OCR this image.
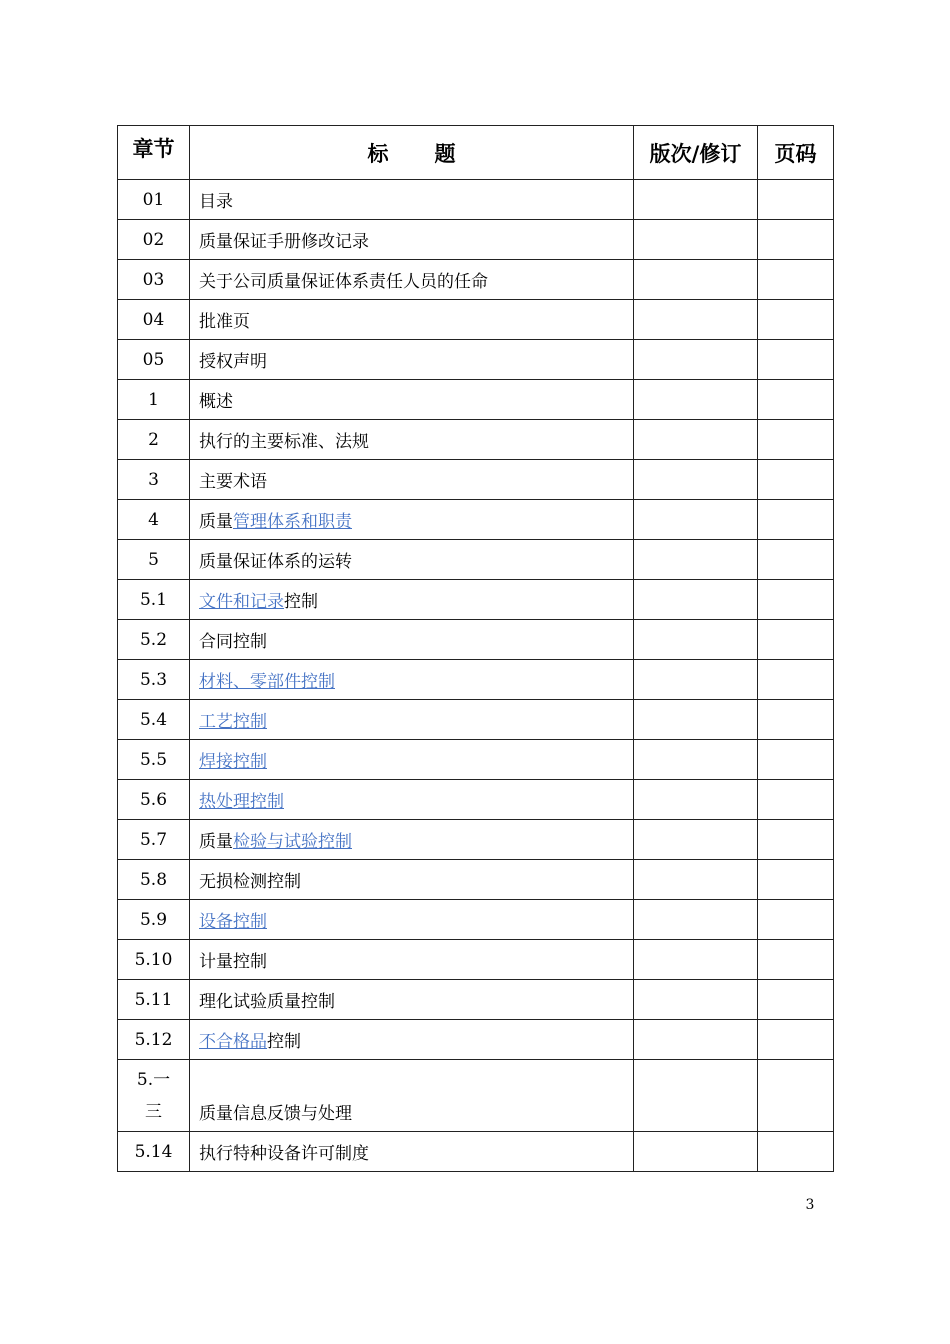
章节	标 题	版次/修订	页码
01	目录		
02	质量保证手册修改记录		
03	关于公司质量保证体系责任人员的任命		
04	批准页		
05	授权声明		
1	概述		
2	执行的主要标准、法规		
3	主要术语		
4	质量管理体系和职责		
5	质量保证体系的运转		
5.1	文件和记录控制		
5.2	合同控制		
5.3	材料、零部件控制		
5.4	工艺控制		
5.5	焊接控制		
5.6	热处理控制		
5.7	质量检验与试验控制		
5.8	无损检测控制		
5.9	设备控制		
5.10	计量控制		
5.11	理化试验质量控制		
5.12	不合格品控制		

5.一
三	质量信息反馈与处理		
5.14	执行特种设备许可制度		
3
